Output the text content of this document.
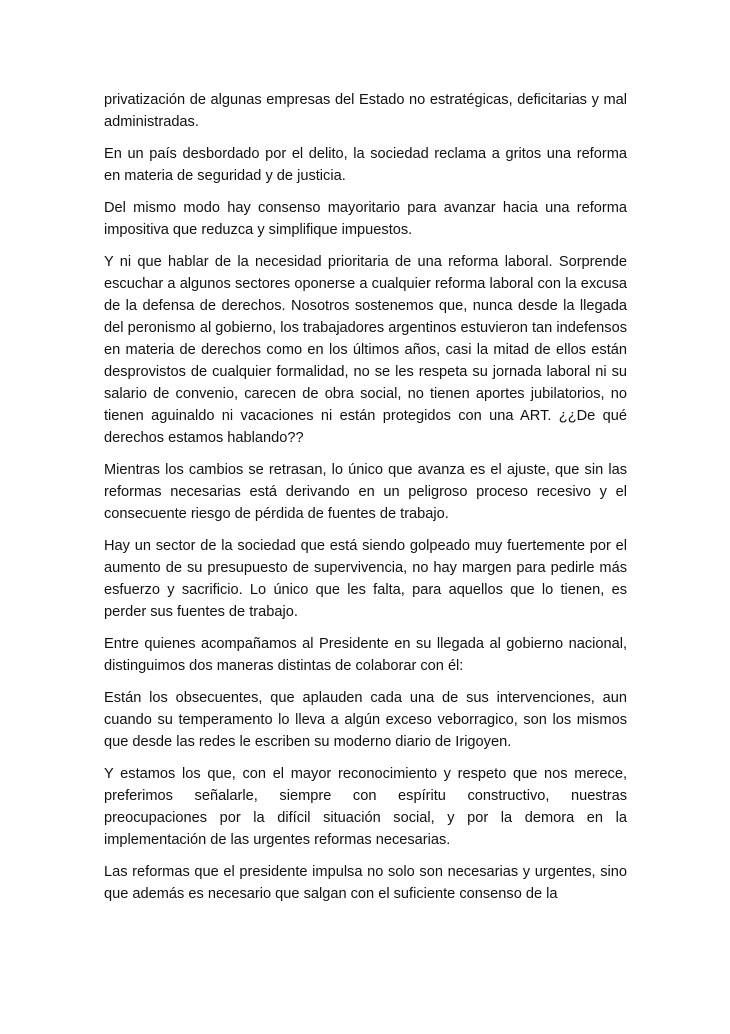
privatización de algunas empresas del Estado no estratégicas, deficitarias y mal administradas.

En un país desbordado por el delito, la sociedad reclama a gritos una reforma en materia de seguridad y de justicia.

Del mismo modo hay consenso mayoritario para avanzar hacia una reforma impositiva que reduzca y simplifique impuestos.

Y ni que hablar de la necesidad prioritaria de una reforma laboral. Sorprende escuchar a algunos sectores oponerse a cualquier reforma laboral con la excusa de la defensa de derechos. Nosotros sostenemos que, nunca desde la llegada del peronismo al gobierno, los trabajadores argentinos estuvieron tan indefensos en materia de derechos como en los últimos años, casi la mitad de ellos están desprovistos de cualquier formalidad, no se les respeta su jornada laboral ni su salario de convenio, carecen de obra social, no tienen aportes jubilatorios, no tienen aguinaldo ni vacaciones ni están protegidos con una ART. ¿¿De qué derechos estamos hablando??

Mientras los cambios se retrasan, lo único que avanza es el ajuste, que sin las reformas necesarias está derivando en un peligroso proceso recesivo y el consecuente riesgo de pérdida de fuentes de trabajo.

Hay un sector de la sociedad que está siendo golpeado muy fuertemente por el aumento de su presupuesto de supervivencia, no hay margen para pedirle más esfuerzo y sacrificio. Lo único que les falta, para aquellos que lo tienen, es perder sus fuentes de trabajo.

Entre quienes acompañamos al Presidente en su llegada al gobierno nacional, distinguimos dos maneras distintas de colaborar con él:

Están los obsecuentes, que aplauden cada una de sus intervenciones, aun cuando su temperamento lo lleva a algún exceso veborragico, son los mismos que desde las redes le escriben su moderno diario de Irigoyen.

Y estamos los que, con el mayor reconocimiento y respeto que nos merece, preferimos señalarle, siempre con espíritu constructivo, nuestras preocupaciones por la difícil situación social, y por la demora en la implementación de las urgentes reformas necesarias.

Las reformas que el presidente impulsa no solo son necesarias y urgentes, sino que además es necesario que salgan con el suficiente consenso de la
